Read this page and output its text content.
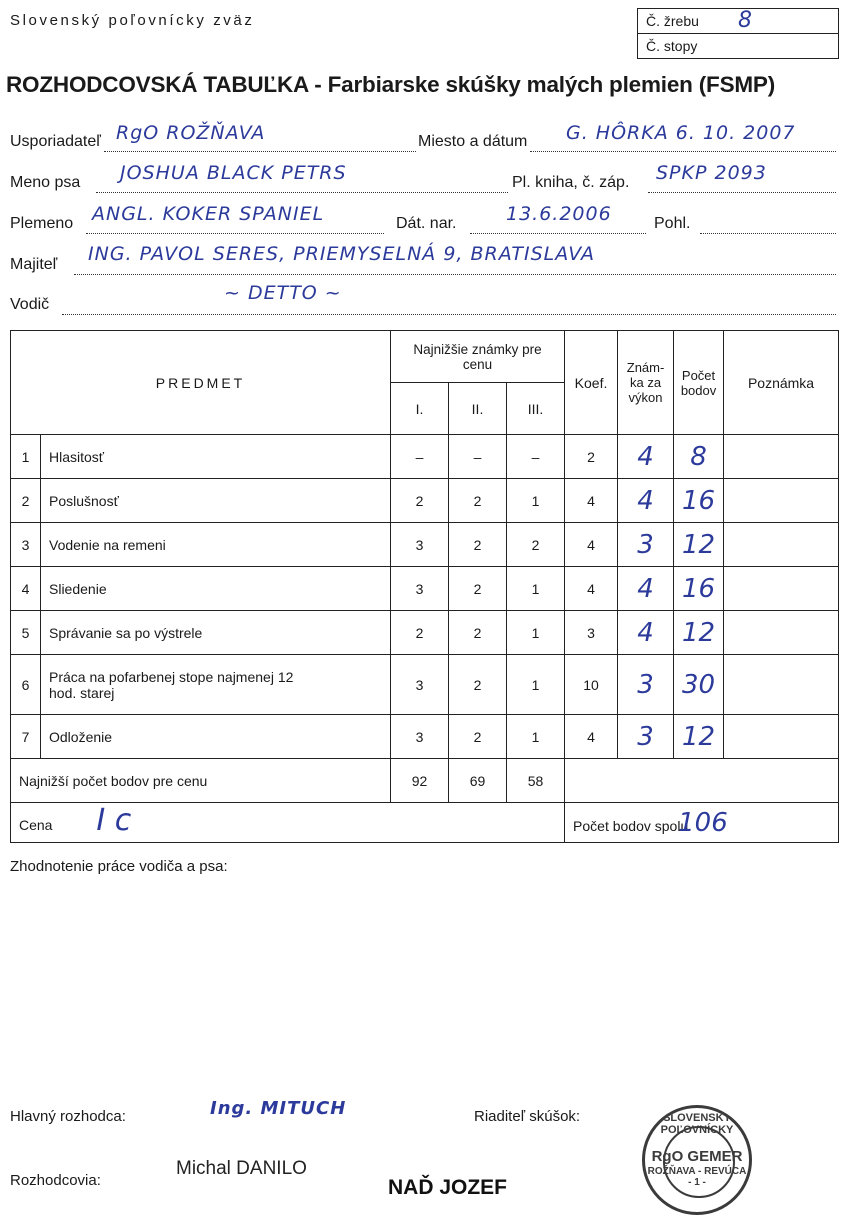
Slovenský poľovnícky zväz	Č. žrebu 8
Č. stopy
ROZHODCOVSKÁ TABUĽKA - Farbiarske skúšky malých plemien (FSMP)
Usporiadateľ RgO ROŽŇAVA	Miesto a dátum G. HÔRKA 6. 10. 2007
Meno psa JOSHUA BLACK PETRS	Pl. kniha, č. záp. SPKP 2093
Plemeno ANGL. KOKER SPANIEL	Dát. nar.	13.6.2006	Pohl.
Majiteľ ING. PAVOL SERES, PRIEMYSELNÁ 9, BRATISLAVA
Vodič
~ DETTO ~
PREDMET		Najnižšie známky pre cenu			Koef.	Znám- ka za výkon	Počet bodov	Poznámka
		I.	II.	III.				
1	Hlasitosť	–	–	–	2	4	8	
2	Poslušnosť	2	2	1	4	4	16	
3	Vodenie na remeni	3	2	2	4	3	12	
4	Sliedenie	3	2	1	4	4	16	
5	Správanie sa po výstrele	2	2	1	3	4	12	
6	Práca na pofarbenej stope najmenej 12 hod. starej	3	2	1	10	3	30	
7	Odloženie	3	2	1	4	3	12	
Najnižší počet bodov pre cenu		92	69	58				
Cena I c					Počet bodov spolu 106			
Zhodnotenie práce vodiča a psa:
Hlavný rozhodca:	Ing. MITUCH	Riaditeľ skúšok:
Rozhodcovia:
Michal DANILO
NAĎ JOZEF
SLOVENSKÝ POĽOVNÍCKY
RgO GEMER
ROŽŇAVA - REVÚCA - 1 -
